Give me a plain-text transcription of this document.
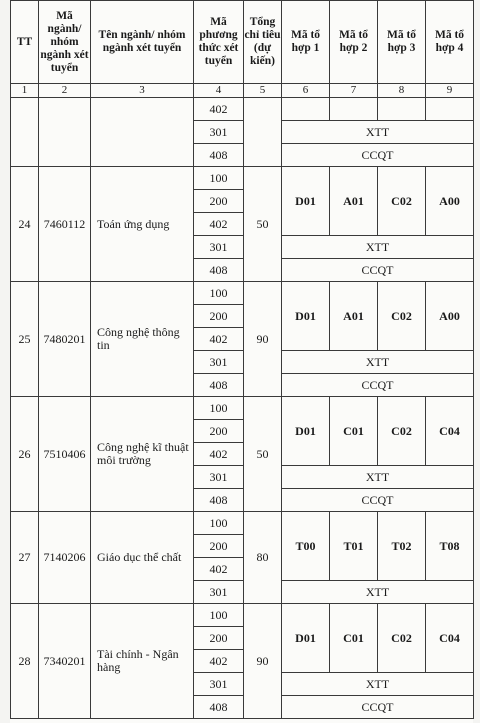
TT	Mã ngành/ nhóm ngành xét tuyển	Tên ngành/ nhóm ngành xét tuyển	Mã phương thức xét tuyển	Tổng chỉ tiêu (dự kiến)	Mã tổ hợp 1	Mã tổ hợp 2	Mã tổ hợp 3	Mã tổ hợp 4
1	2	3	4	5	6	7	8	9
			402					
			301		XTT			
			408		CCQT			
24	7460112	Toán ứng dụng	100	50	D01	A01	C02	A00
			200					
			402					
			301		XTT			
			408		CCQT			
25	7480201	Công nghệ thông tin	100	90	D01	A01	C02	A00
			200					
			402					
			301		XTT			
			408		CCQT			
26	7510406	Công nghệ kĩ thuật môi trường	100	50	D01	C01	C02	C04
			200					
			402					
			301		XTT			
			408		CCQT			
27	7140206	Giáo dục thể chất	100	80	T00	T01	T02	T08
			200					
			402					
			301		XTT			
28	7340201	Tài chính - Ngân hàng	100	90	D01	C01	C02	C04
			200					
			402					
			301		XTT			
			408		CCQT			
